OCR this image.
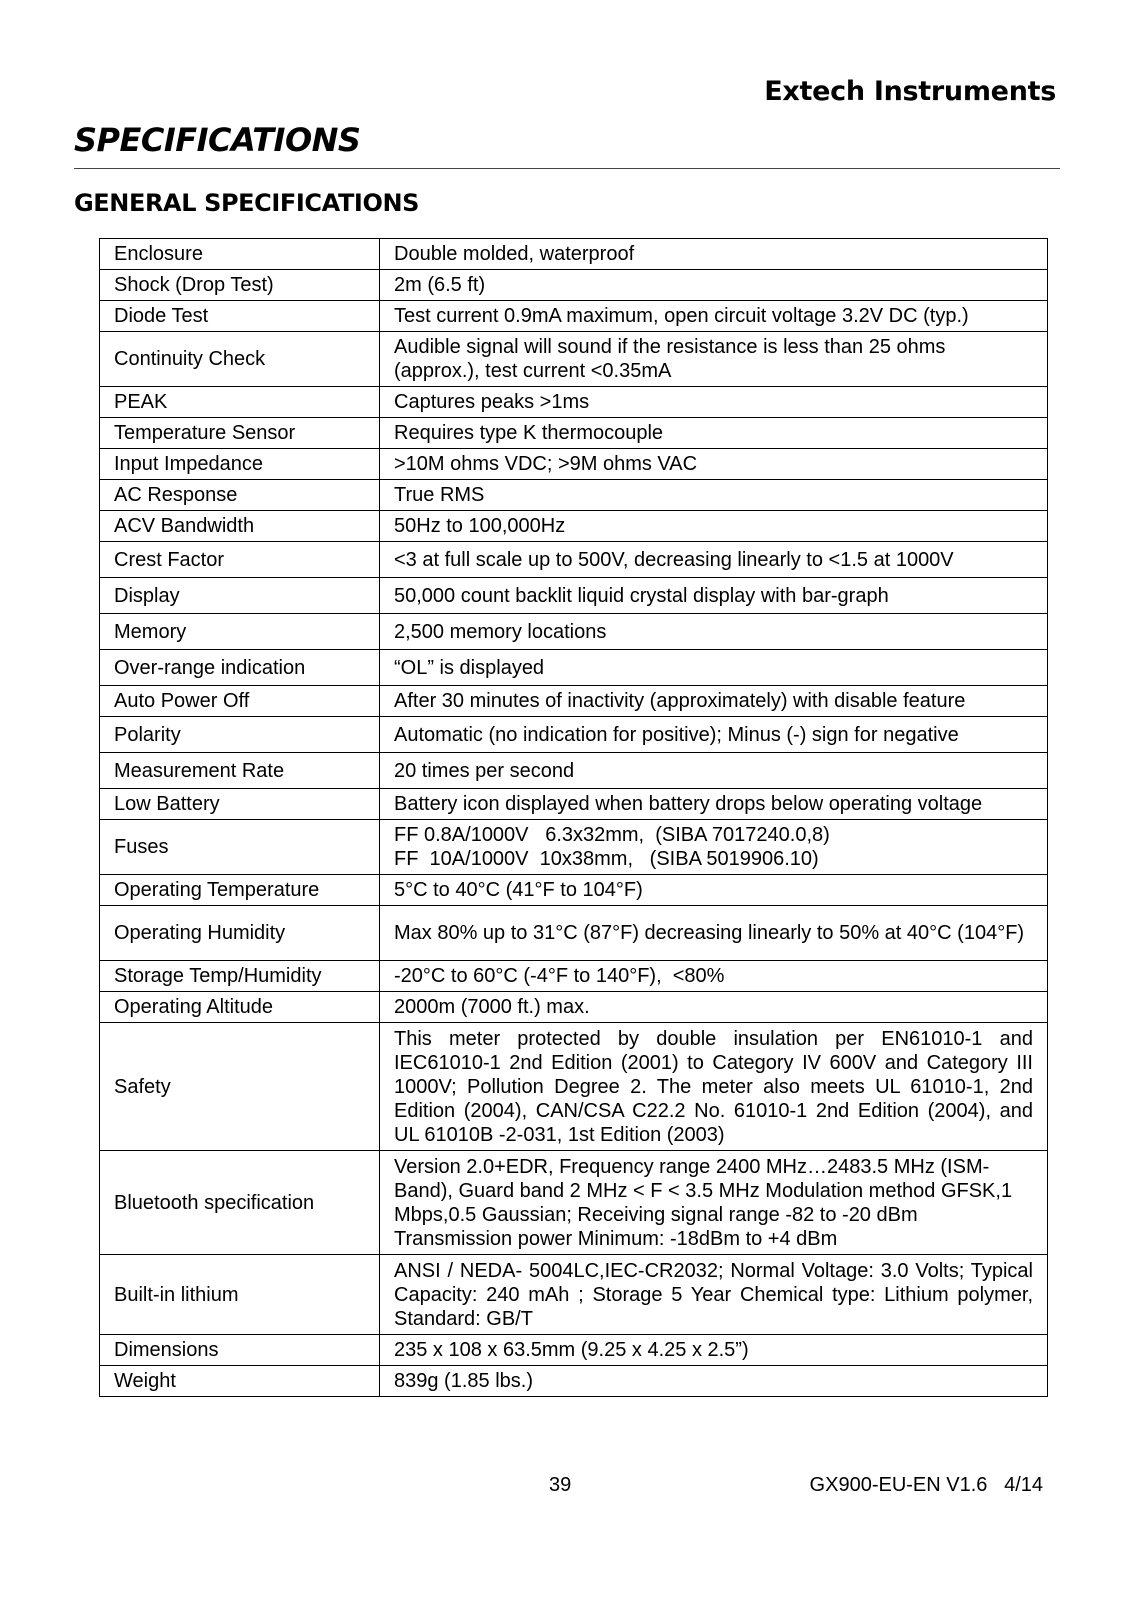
Extech Instruments
SPECIFICATIONS
GENERAL SPECIFICATIONS
Enclosure	Double molded, waterproof
Shock (Drop Test)	2m (6.5 ft)
Diode Test	Test current 0.9mA maximum, open circuit voltage 3.2V DC (typ.)
Continuity Check	Audible signal will sound if the resistance is less than 25 ohms (approx.), test current <0.35mA
PEAK	Captures peaks >1ms
Temperature Sensor	Requires type K thermocouple
Input Impedance	>10M ohms VDC; >9M ohms VAC
AC Response	True RMS
ACV Bandwidth	50Hz to 100,000Hz
Crest Factor	<3 at full scale up to 500V, decreasing linearly to <1.5 at 1000V
Display	50,000 count backlit liquid crystal display with bar-graph
Memory	2,500 memory locations
Over-range indication	“OL” is displayed
Auto Power Off	After 30 minutes of inactivity (approximately) with disable feature
Polarity	Automatic (no indication for positive); Minus (-) sign for negative
Measurement Rate	20 times per second
Low Battery	Battery icon displayed when battery drops below operating voltage
Fuses	FF 0.8A/1000V   6.3x32mm,  (SIBA 7017240.0,8)
FF  10A/1000V  10x38mm,   (SIBA 5019906.10)

Operating Temperature	5°C to 40°C (41°F to 104°F)
Operating Humidity	Max 80% up to 31°C (87°F) decreasing linearly to 50% at 40°C (104°F)
Storage Temp/Humidity	-20°C to 60°C (-4°F to 140°F),  <80%
Operating Altitude	2000m (7000 ft.) max.
Safety	This meter protected by double insulation per EN61010-1 and IEC61010-1 2nd Edition (2001) to Category IV 600V and Category III 1000V; Pollution Degree 2. The meter also meets UL 61010-1, 2nd Edition (2004), CAN/CSA C22.2 No. 61010-1 2nd Edition (2004), and UL 61010B -2-031, 1st Edition (2003)
Bluetooth specification	Version 2.0+EDR, Frequency range 2400 MHz…2483.5 MHz (ISM-Band), Guard band 2 MHz < F < 3.5 MHz Modulation method GFSK,1 Mbps,0.5 Gaussian; Receiving signal range -82 to -20 dBm Transmission power Minimum: -18dBm to +4 dBm
Built-in lithium	ANSI / NEDA- 5004LC,IEC-CR2032; Normal Voltage: 3.0 Volts; Typical Capacity: 240 mAh ; Storage 5 Year Chemical type: Lithium polymer, Standard: GB/T
Dimensions	235 x 108 x 63.5mm (9.25 x 4.25 x 2.5”)
Weight	839g (1.85 lbs.)
39	GX900-EU-EN V1.6   4/14
